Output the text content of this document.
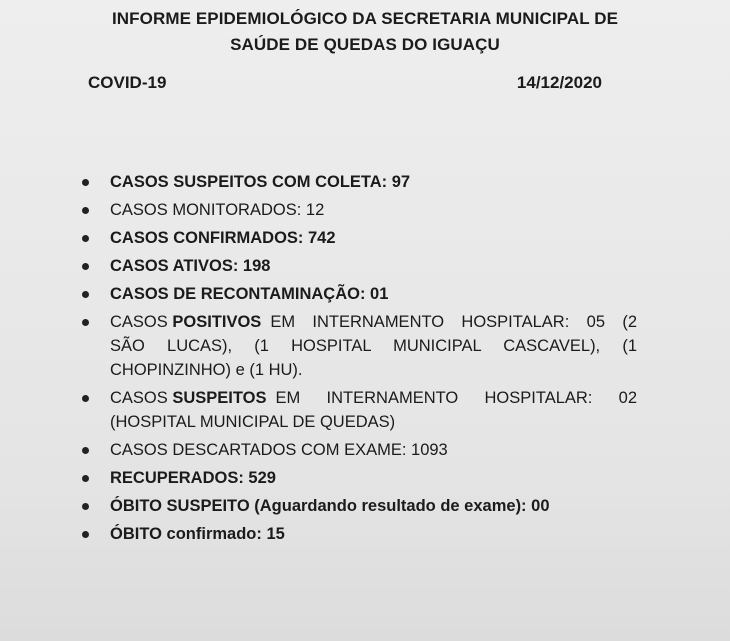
INFORME EPIDEMIOLÓGICO DA SECRETARIA MUNICIPAL DE
SAÚDE DE QUEDAS DO IGUAÇU
COVID-19	14/12/2020
CASOS SUSPEITOS COM COLETA: 97
CASOS MONITORADOS: 12
CASOS CONFIRMADOS: 742
CASOS ATIVOS: 198
CASOS DE RECONTAMINAÇÃO: 01
CASOS POSITIVOS EM INTERNAMENTO HOSPITALAR: 05 (2
SÃO LUCAS), (1 HOSPITAL MUNICIPAL CASCAVEL), (1
CHOPINZINHO) e (1 HU).
CASOS SUSPEITOS EM INTERNAMENTO HOSPITALAR: 02
(HOSPITAL MUNICIPAL DE QUEDAS)
CASOS DESCARTADOS COM EXAME: 1093
RECUPERADOS: 529
ÓBITO SUSPEITO (Aguardando resultado de exame): 00
ÓBITO confirmado: 15
